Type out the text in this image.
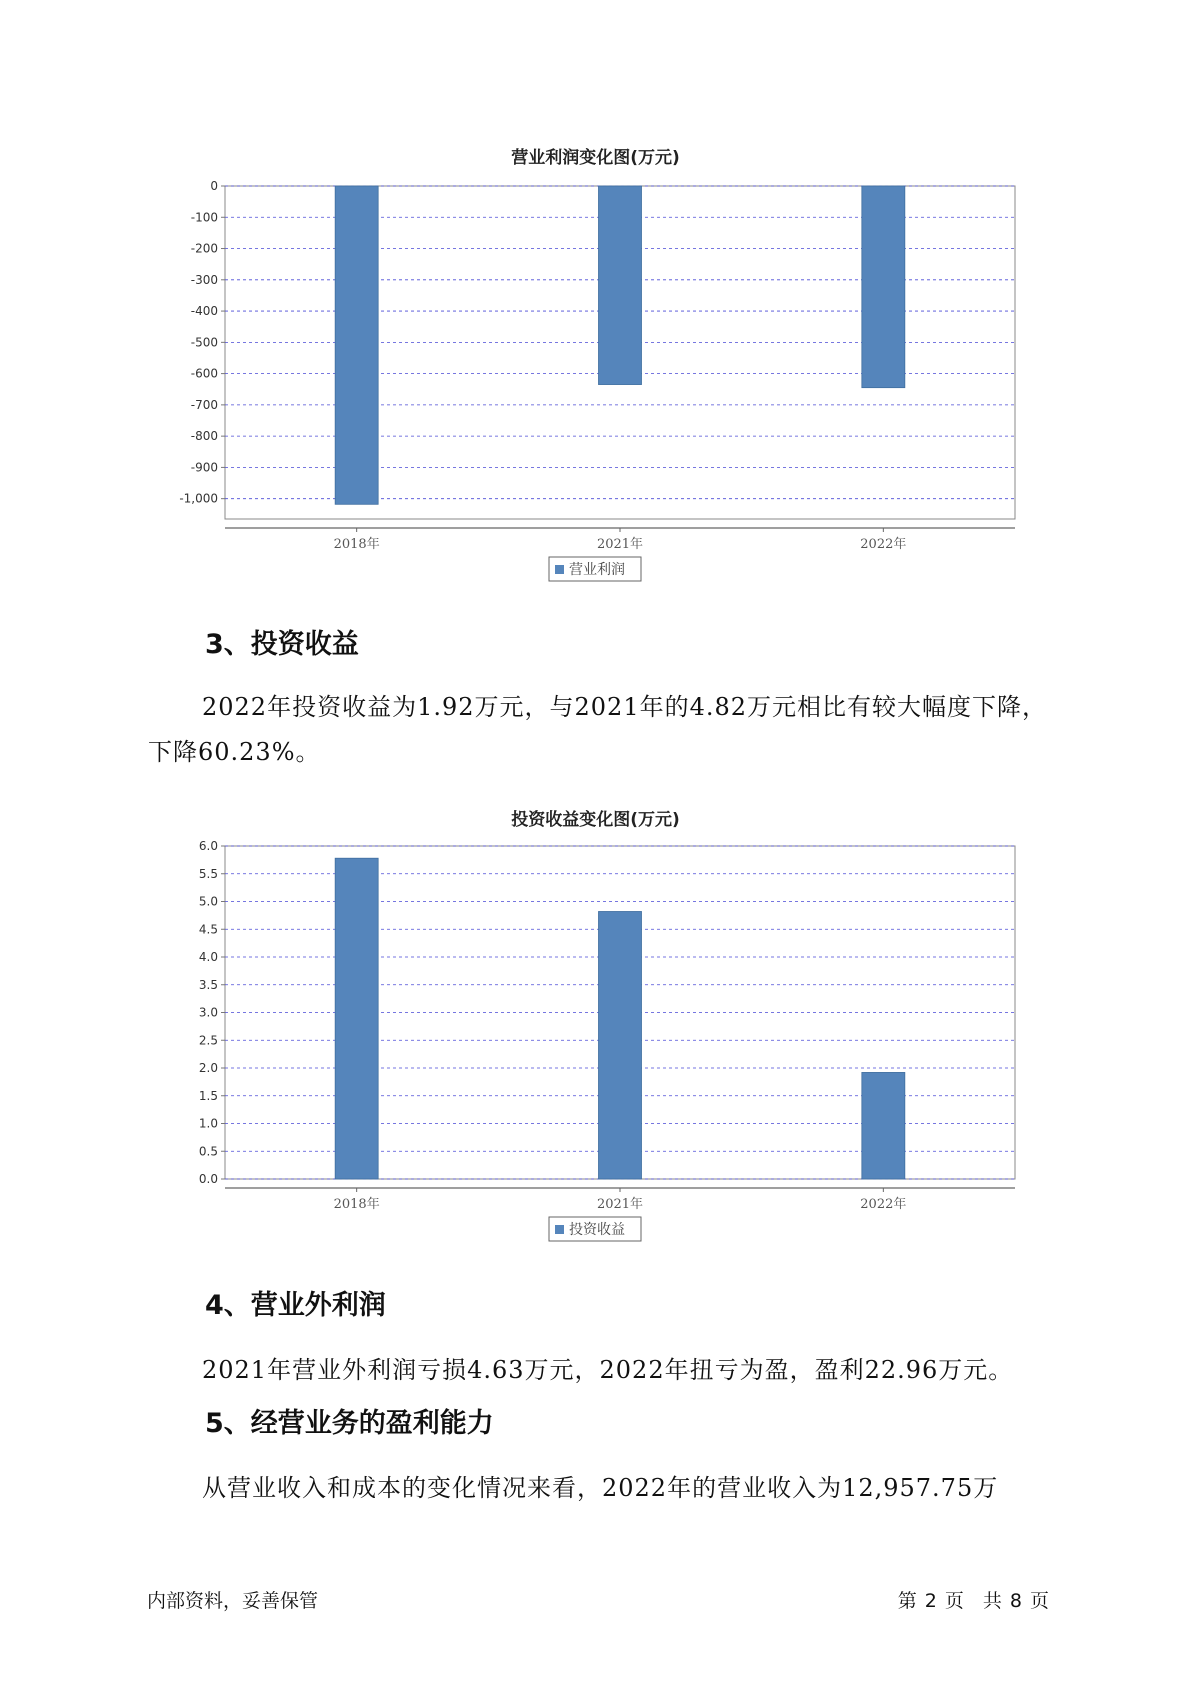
营业利润变化图(万元)
0
-100
-200
-300
-400
-500
-600
-700
-800
-900
-1,000
2018年	2021年	2022年
营业利润
3、投资收益

2022年投资收益为1.92万元，与2021年的4.82万元相比有较大幅度下降，下降60.23%。

投资收益变化图(万元)
0.0
0.5
1.0
1.5
2.0
2.5
3.0
3.5
4.0
4.5
5.0
5.5
6.0
2018年	2021年	2022年
投资收益
4、营业外利润

2021年营业外利润亏损4.63万元，2022年扭亏为盈，盈利22.96万元。

5、经营业务的盈利能力

从营业收入和成本的变化情况来看，2022年的营业收入为12,957.75万

内部资料，妥善保管	第 2 页　共 8 页
